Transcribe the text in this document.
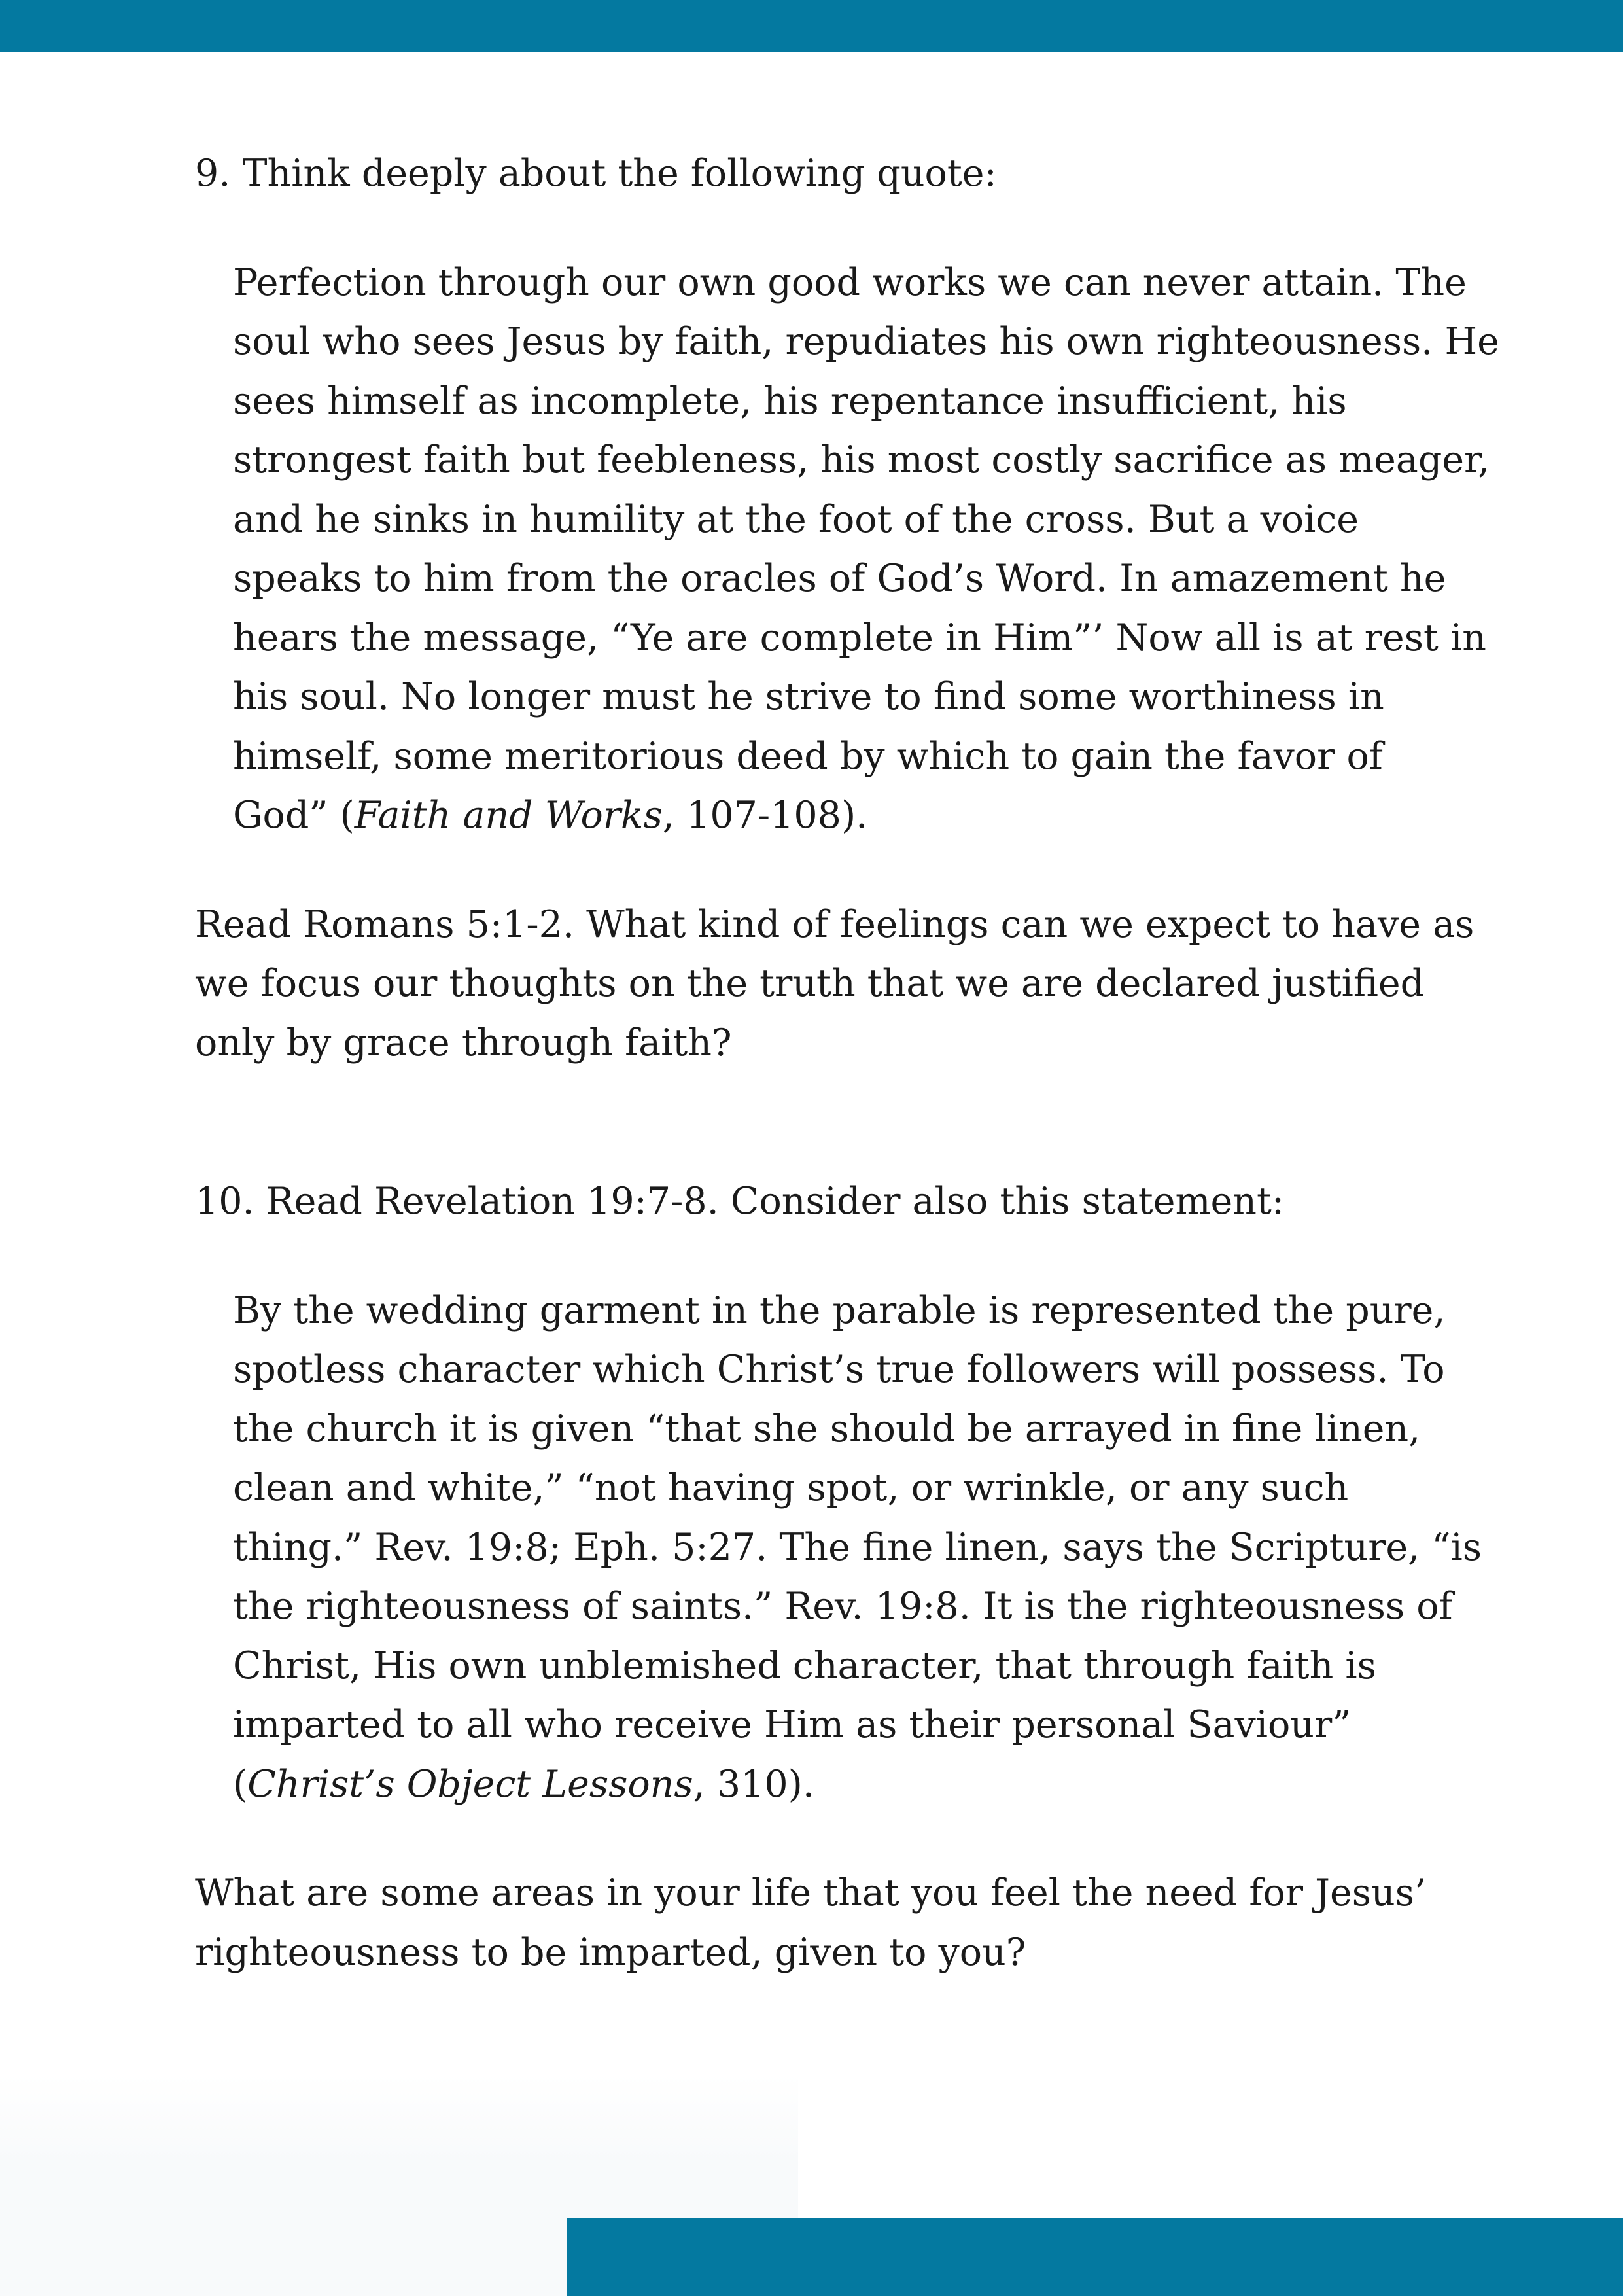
9. Think deeply about the following quote:

Perfection through our own good works we can never attain. The
soul who sees Jesus by faith, repudiates his own righteousness. He
sees himself as incomplete, his repentance insufficient, his
strongest faith but feebleness, his most costly sacrifice as meager,
and he sinks in humility at the foot of the cross. But a voice
speaks to him from the oracles of God’s Word. In amazement he
hears the message, “Ye are complete in Him”’ Now all is at rest in
his soul. No longer must he strive to find some worthiness in
himself, some meritorious deed by which to gain the favor of
God” (Faith and Works, 107-108).

Read Romans 5:1-2. What kind of feelings can we expect to have as
we focus our thoughts on the truth that we are declared justified
only by grace through faith?

10. Read Revelation 19:7-8. Consider also this statement:

By the wedding garment in the parable is represented the pure,
spotless character which Christ’s true followers will possess. To
the church it is given “that she should be arrayed in fine linen,
clean and white,” “not having spot, or wrinkle, or any such
thing.” Rev. 19:8; Eph. 5:27. The fine linen, says the Scripture, “is
the righteousness of saints.” Rev. 19:8. It is the righteousness of
Christ, His own unblemished character, that through faith is
imparted to all who receive Him as their personal Saviour”
(Christ’s Object Lessons, 310).

What are some areas in your life that you feel the need for Jesus’
righteousness to be imparted, given to you?
